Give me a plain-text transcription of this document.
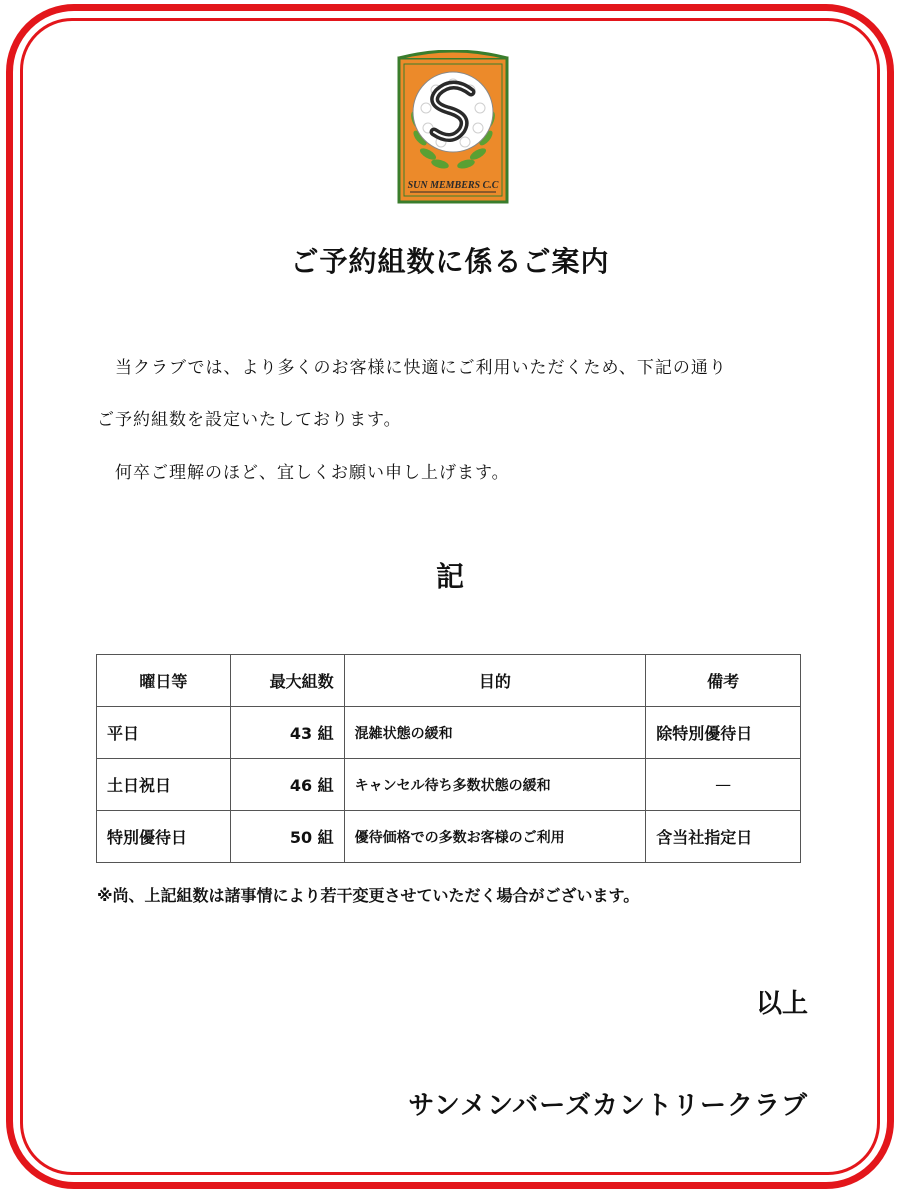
SUN MEMBERS C.C
ご予約組数に係るご案内
　当クラブでは、より多くのお客様に快適にご利用いただくため、下記の通り
ご予約組数を設定いたしております。
　何卒ご理解のほど、宜しくお願い申し上げます。
記
曜日等	最大組数	目的	備考
平日	43 組	混雑状態の緩和	除特別優待日
土日祝日	46 組	キャンセル待ち多数状態の緩和	—
特別優待日	50 組	優待価格での多数お客様のご利用	含当社指定日
※尚、上記組数は諸事情により若干変更させていただく場合がございます。
以上
サンメンバーズカントリークラブ
